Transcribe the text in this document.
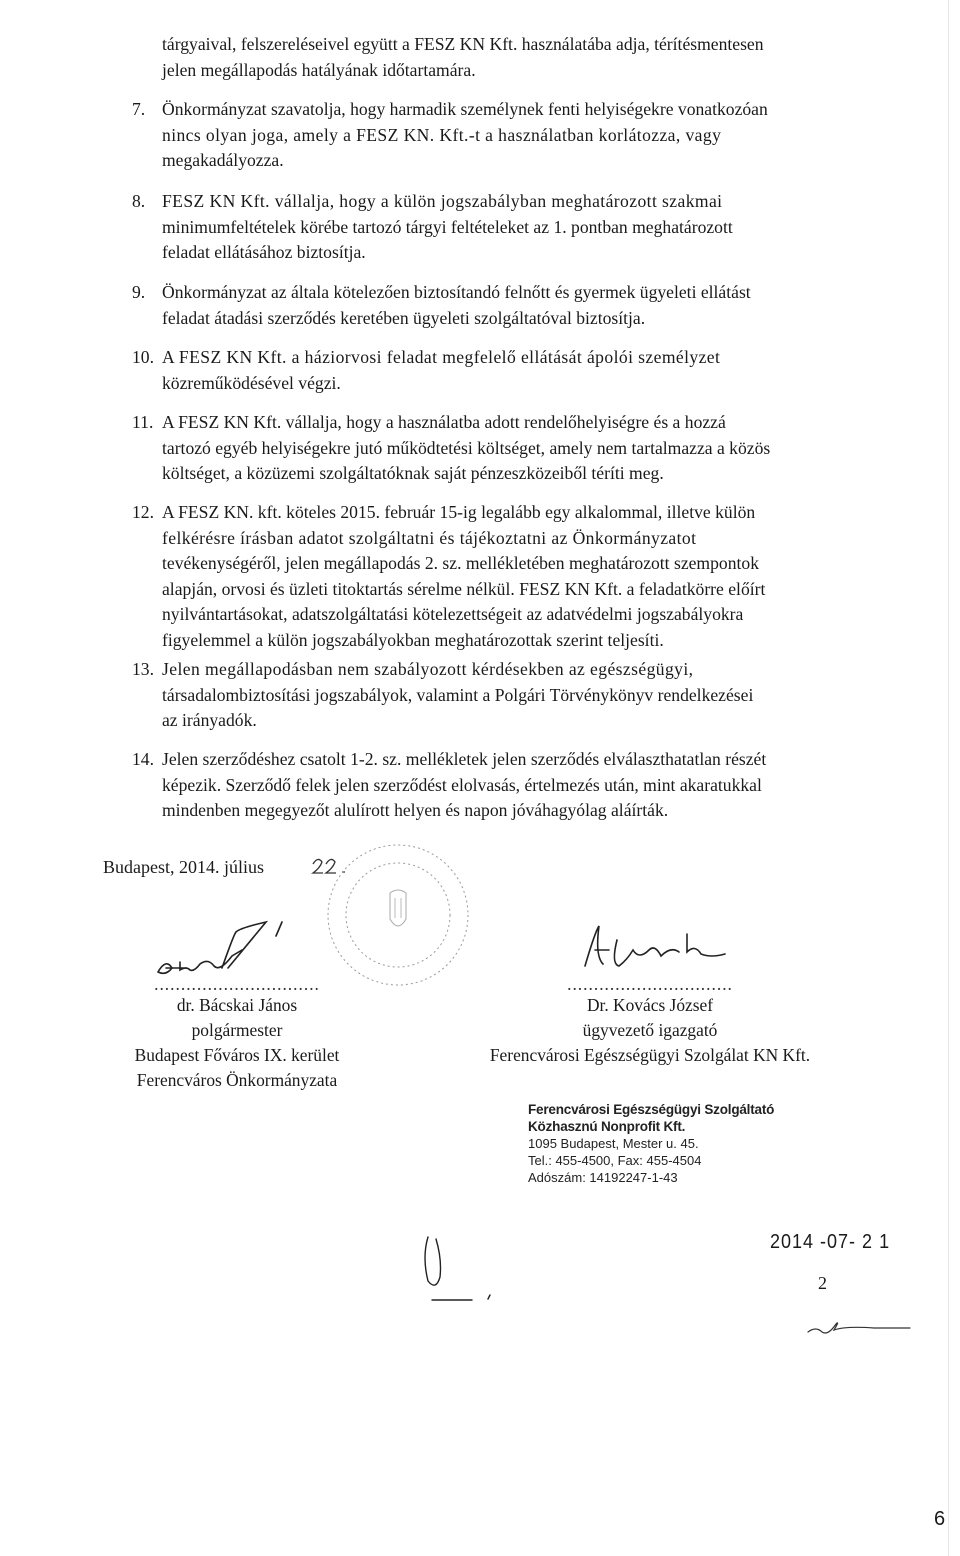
tárgyaival, felszereléseivel együtt a FESZ KN Kft. használatába adja, térítésmentesen
jelen megállapodás hatályának időtartamára.
7. Önkormányzat szavatolja, hogy harmadik személynek fenti helyiségekre vonatkozóan
nincs olyan joga, amely a FESZ KN. Kft.-t a használatban korlátozza, vagy
megakadályozza.
8. FESZ KN Kft. vállalja, hogy a külön jogszabályban meghatározott szakmai
minimumfeltételek körébe tartozó tárgyi feltételeket az 1. pontban meghatározott
feladat ellátásához biztosítja.
9. Önkormányzat az általa kötelezően biztosítandó felnőtt és gyermek ügyeleti ellátást
feladat átadási szerződés keretében ügyeleti szolgáltatóval biztosítja.
10. A FESZ KN Kft. a háziorvosi feladat megfelelő ellátását ápolói személyzet
közreműködésével végzi.
11. A FESZ KN Kft. vállalja, hogy a használatba adott rendelőhelyiségre és a hozzá
tartozó egyéb helyiségekre jutó működtetési költséget, amely nem tartalmazza a közös
költséget, a közüzemi szolgáltatóknak saját pénzeszközeiből téríti meg.
12. A FESZ KN. kft. köteles 2015. február 15-ig legalább egy alkalommal, illetve külön
felkérésre írásban adatot szolgáltatni és tájékoztatni az Önkormányzatot
tevékenységéről, jelen megállapodás 2. sz. mellékletében meghatározott szempontok
alapján, orvosi és üzleti titoktartás sérelme nélkül. FESZ KN Kft. a feladatkörre előírt
nyilvántartásokat, adatszolgáltatási kötelezettségeit az adatvédelmi jogszabályokra
figyelemmel a külön jogszabályokban meghatározottak szerint teljesíti.
13. Jelen megállapodásban nem szabályozott kérdésekben az egészségügyi,
társadalombiztosítási jogszabályok, valamint a Polgári Törvénykönyv rendelkezései
az irányadók.
14. Jelen szerződéshez csatolt 1-2. sz. mellékletek jelen szerződés elválaszthatatlan részét
képezik. Szerződő felek jelen szerződést elolvasás, értelmezés után, mint akaratukkal
mindenben megegyezőt alulírott helyen és napon jóváhagyólag aláírták.
Budapest, 2014. július
...............................
dr. Bácskai János
polgármester
Budapest Főváros IX. kerület
Ferencváros Önkormányzata
...............................
Dr. Kovács József
ügyvezető igazgató
Ferencvárosi Egészségügyi Szolgálat KN Kft.
Ferencvárosi Egészségügyi Szolgáltató
Közhasznú Nonprofit Kft.
1095 Budapest, Mester u. 45.
Tel.: 455-4500, Fax: 455-4504
Adószám: 14192247-1-43
2014 -07- 2 1
2
6
